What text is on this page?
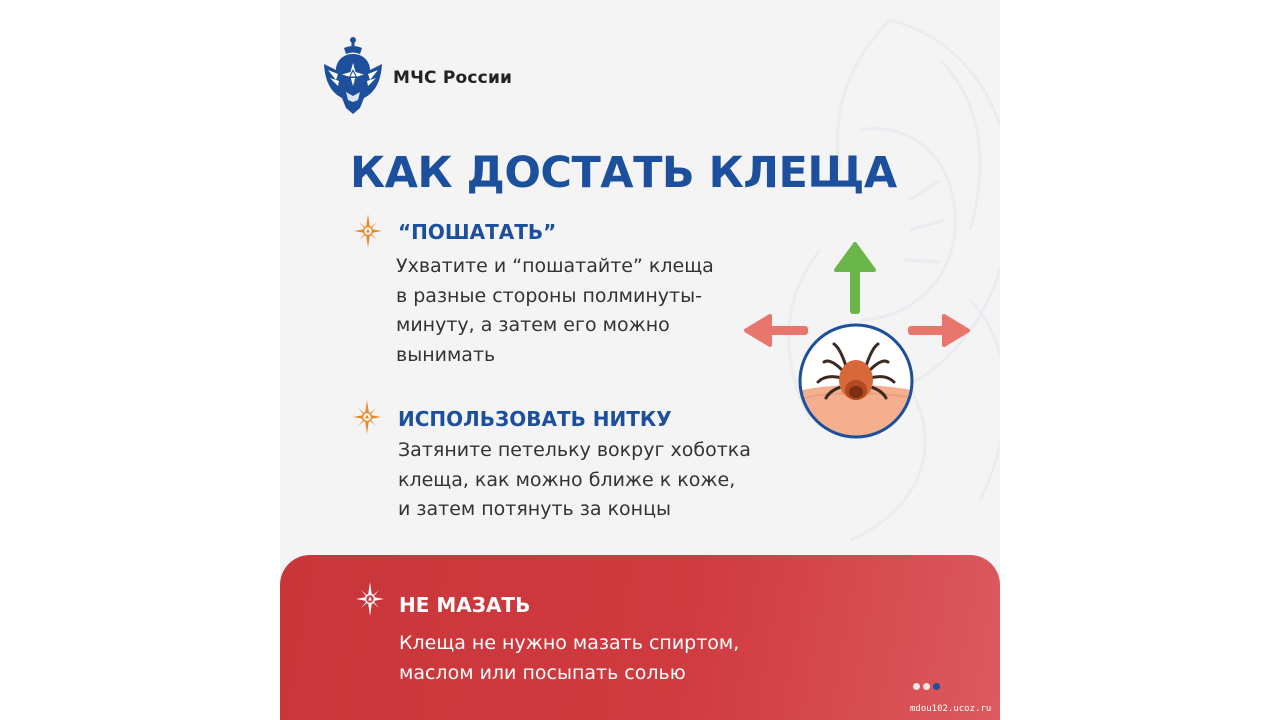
МЧС России
КАК ДОСТАТЬ КЛЕЩА
“ПОШАТАТЬ”
Ухватите и “пошатайте” клеща
в разные стороны полминуты-
минуту, а затем его можно
вынимать
ИСПОЛЬЗОВАТЬ НИТКУ
Затяните петельку вокруг хоботка
клеща, как можно ближе к коже,
и затем потянуть за концы
НЕ МАЗАТЬ
Клеща не нужно мазать спиртом,
маслом или посыпать солью
mdou102.ucoz.ru
